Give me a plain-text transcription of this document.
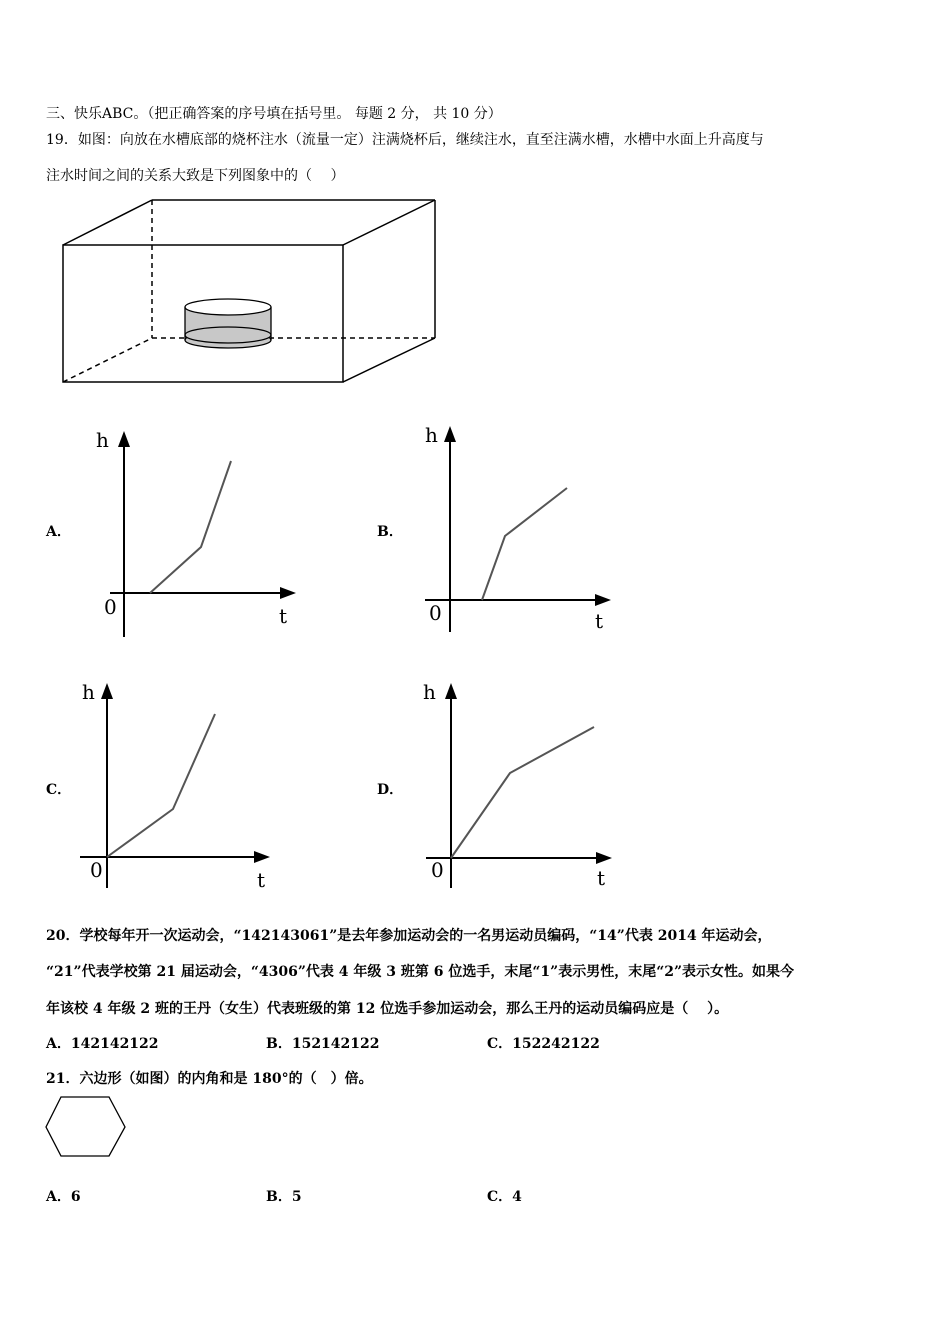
三、快乐ABC。（把正确答案的序号填在括号里。 每题 2 分， 共 10 分）
19．如图：向放在水槽底部的烧杯注水（流量一定）注满烧杯后，继续注水，直至注满水槽，水槽中水面上升高度与
注水时间之间的关系大致是下列图象中的（　 ）
A．
h
t
0
B．
h
t
0
C．
h
t
0
D．
h
t
0
20．学校每年开一次运动会，“142143061”是去年参加运动会的一名男运动员编码，“14”代表 2014 年运动会，
“21”代表学校第 21 届运动会，“4306”代表 4 年级 3 班第 6 位选手，末尾“1”表示男性，末尾“2”表示女性。如果今
年该校 4 年级 2 班的王丹（女生）代表班级的第 12 位选手参加运动会，那么王丹的运动员编码应是（　 ）。
A．142142122	B．152142122	C．152242122
21．六边形（如图）的内角和是 180°的（　）倍。
A．6	B．5	C．4
